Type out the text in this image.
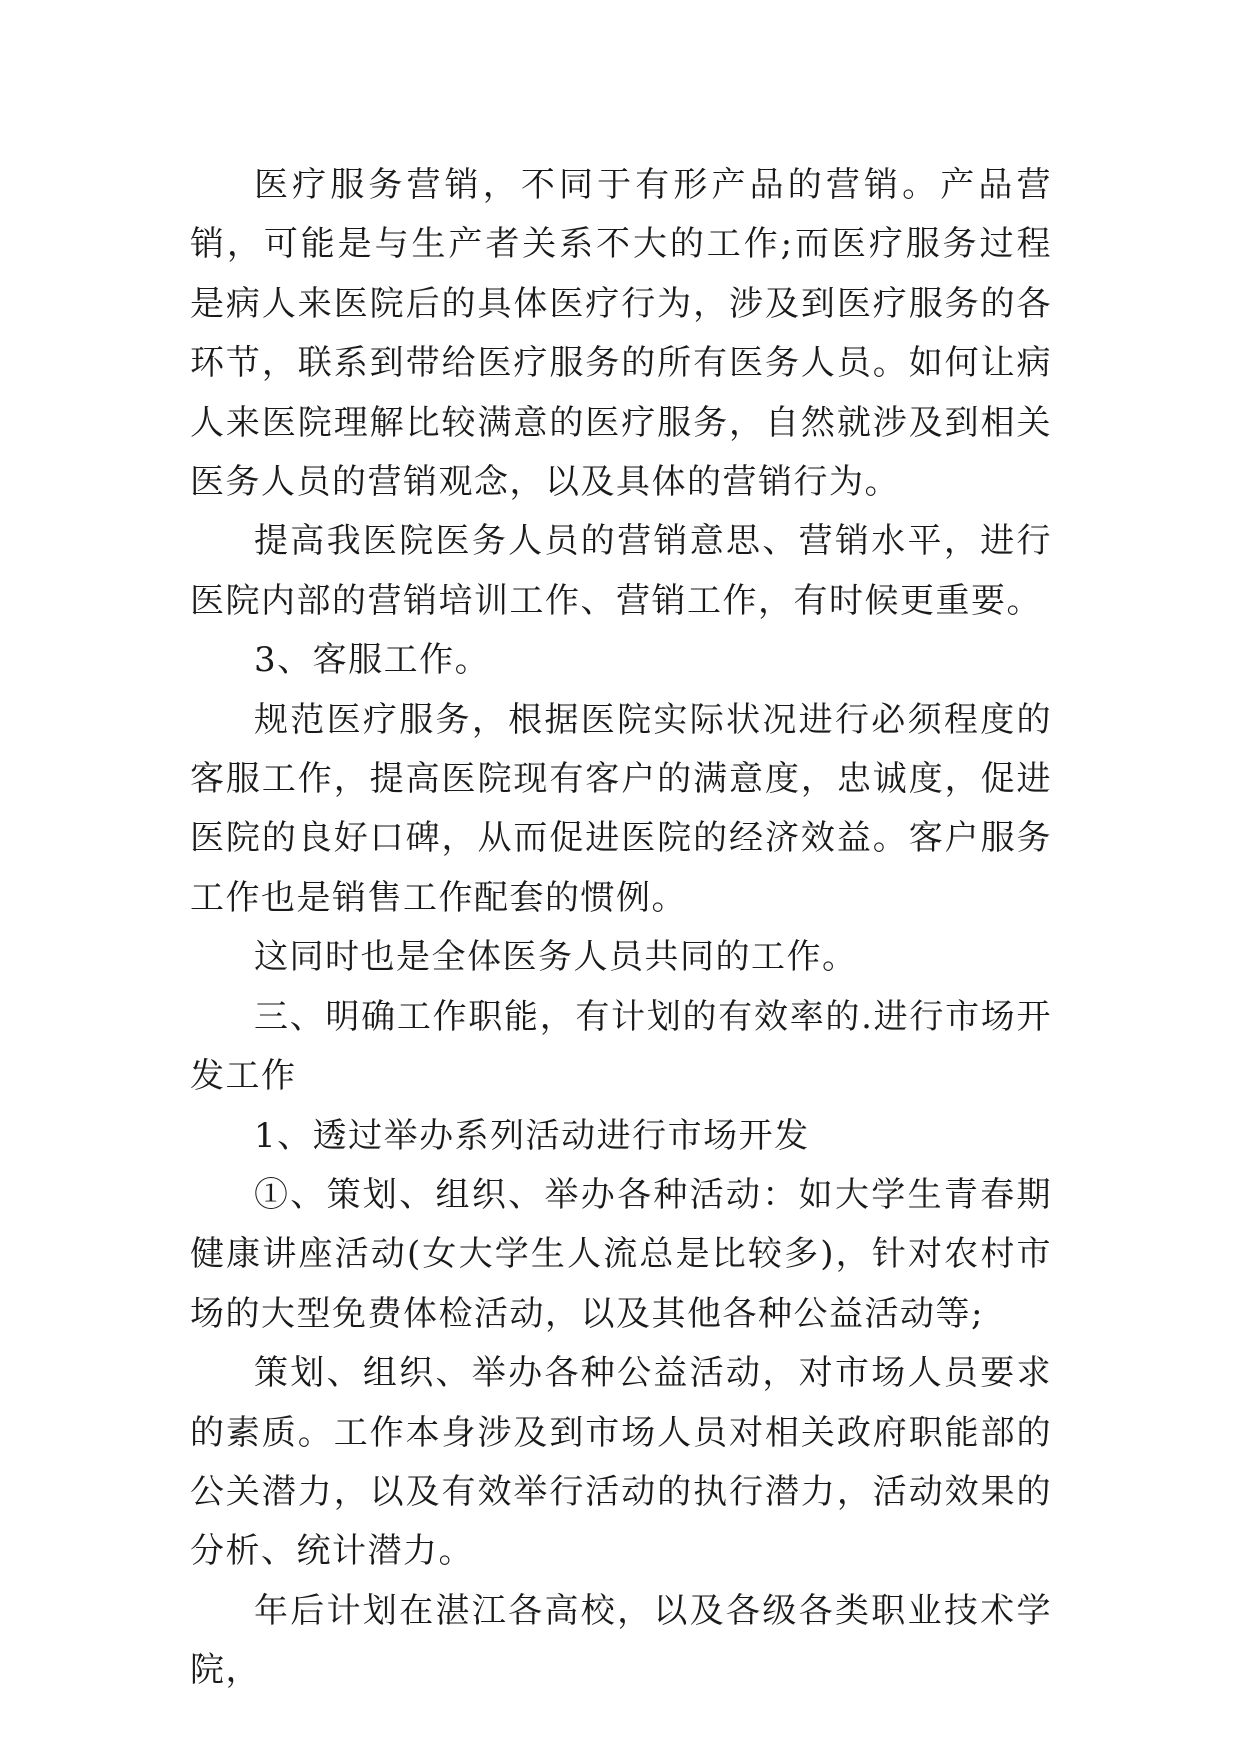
医疗服务营销，不同于有形产品的营销。产品营销，可能是与生产者关系不大的工作;而医疗服务过程是病人来医院后的具体医疗行为，涉及到医疗服务的各环节，联系到带给医疗服务的所有医务人员。如何让病人来医院理解比较满意的医疗服务，自然就涉及到相关医务人员的营销观念，以及具体的营销行为。

提高我医院医务人员的营销意思、营销水平，进行医院内部的营销培训工作、营销工作，有时候更重要。

3、客服工作。

规范医疗服务，根据医院实际状况进行必须程度的客服工作，提高医院现有客户的满意度，忠诚度，促进医院的良好口碑，从而促进医院的经济效益。客户服务工作也是销售工作配套的惯例。

这同时也是全体医务人员共同的工作。

三、明确工作职能，有计划的有效率的.进行市场开发工作

1、透过举办系列活动进行市场开发

①、策划、组织、举办各种活动：如大学生青春期健康讲座活动(女大学生人流总是比较多)，针对农村市场的大型免费体检活动，以及其他各种公益活动等;

策划、组织、举办各种公益活动，对市场人员要求的素质。工作本身涉及到市场人员对相关政府职能部的公关潜力，以及有效举行活动的执行潜力，活动效果的分析、统计潜力。

年后计划在湛江各高校，以及各级各类职业技术学院，
